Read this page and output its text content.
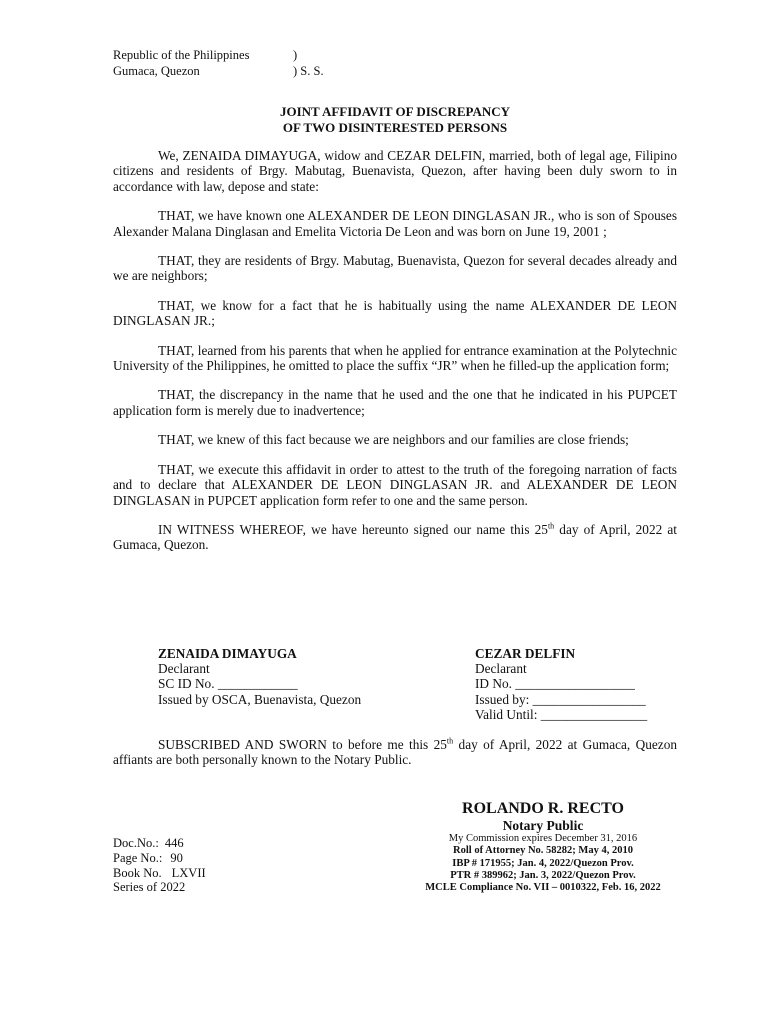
Republic of the Philippines	)
Gumaca, Quezon	) S. S.
JOINT AFFIDAVIT OF DISCREPANCY
OF TWO DISINTERESTED PERSONS

We, ZENAIDA DIMAYUGA, widow and CEZAR DELFIN, married, both of legal age, Filipino citizens and residents of Brgy. Mabutag, Buenavista, Quezon, after having been duly sworn to in accordance with law, depose and state:

THAT, we have known one ALEXANDER DE LEON DINGLASAN JR., who is son of Spouses Alexander Malana Dinglasan and Emelita Victoria De Leon and was born on June 19, 2001 ;

THAT, they are residents of Brgy. Mabutag, Buenavista, Quezon for several decades already and we are neighbors;

THAT, we know for a fact that he is habitually using the name ALEXANDER DE LEON DINGLASAN JR.;

THAT, learned from his parents that when he applied for entrance examination at the Polytechnic University of the Philippines, he omitted to place the suffix “JR” when he filled-up the application form;

THAT, the discrepancy in the name that he used and the one that he indicated in his PUPCET application form is merely due to inadvertence;

THAT, we knew of this fact because we are neighbors and our families are close friends;

THAT, we execute this affidavit in order to attest to the truth of the foregoing narration of facts and to declare that ALEXANDER DE LEON DINGLASAN JR. and ALEXANDER DE LEON DINGLASAN in PUPCET application form refer to one and the same person.

IN WITNESS WHEREOF, we have hereunto signed our name this 25th day of April, 2022 at Gumaca, Quezon.

ZENAIDA DIMAYUGA
Declarant
SC ID No. ____________
Issued by OSCA, Buenavista, Quezon
CEZAR DELFIN
Declarant
ID No. __________________
Issued by: _________________
Valid Until: ________________

SUBSCRIBED AND SWORN to before me this 25th day of April, 2022 at Gumaca, Quezon affiants are both personally known to the Notary Public.

ROLANDO R. RECTO
Notary Public
My Commission expires December 31, 2016
Roll of Attorney No. 58282; May 4, 2010
IBP # 171955; Jan. 4, 2022/Quezon Prov.
PTR # 389962; Jan. 3, 2022/Quezon Prov.
MCLE Compliance No. VII – 0010322, Feb. 16, 2022
Doc.No.: 446
Page No.: 90
Book No. LXVII
Series of 2022
